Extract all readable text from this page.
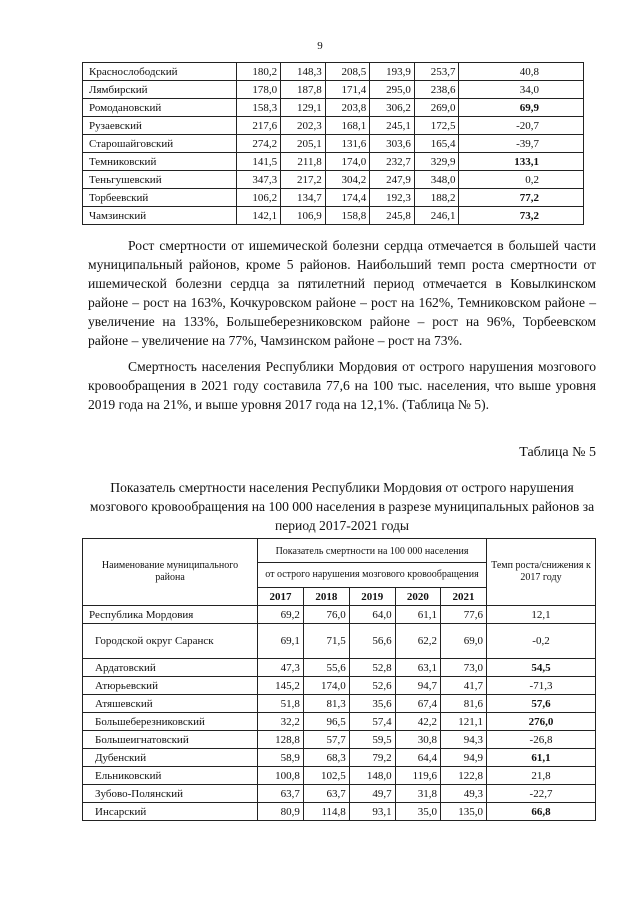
9
Краснослободский	180,2	148,3	208,5	193,9	253,7	40,8
Лямбирский	178,0	187,8	171,4	295,0	238,6	34,0
Ромодановский	158,3	129,1	203,8	306,2	269,0	69,9
Рузаевский	217,6	202,3	168,1	245,1	172,5	-20,7
Старошайговский	274,2	205,1	131,6	303,6	165,4	-39,7
Темниковский	141,5	211,8	174,0	232,7	329,9	133,1
Теньгушевский	347,3	217,2	304,2	247,9	348,0	0,2
Торбеевский	106,2	134,7	174,4	192,3	188,2	77,2
Чамзинский	142,1	106,9	158,8	245,8	246,1	73,2

Рост смертности от ишемической болезни сердца отмечается в большей части муниципальный районов, кроме 5 районов. Наибольший темп роста смертности от ишемической болезни сердца за пятилетний период отмечается в Ковылкинском районе – рост на 163%, Кочкуровском районе – рост на 162%, Темниковском районе – увеличение на 133%, Большеберезниковском районе – рост на 96%, Торбеевском районе – увеличение на 77%, Чамзинском районе – рост на 73%.

Смертность населения Республики Мордовия от острого нарушения мозгового кровообращения в 2021 году составила 77,6 на 100 тыс. населения, что выше уровня 2019 года на 21%, и выше уровня 2017 года на 12,1%. (Таблица № 5).

Таблица № 5

Показатель смертности населения Республики Мордовия от острого нарушения мозгового кровообращения на 100 000 населения в разрезе муниципальных районов за период 2017-2021 годы

Наименование муниципального района	Показатель смертности на 100 000 населения					Темп роста/снижения к 2017 году
	от острого нарушения мозгового кровообращения					
	2017	2018	2019	2020	2021	
Республика Мордовия	69,2	76,0	64,0	61,1	77,6	12,1
Городской округ Саранск	69,1	71,5	56,6	62,2	69,0	-0,2
Ардатовский	47,3	55,6	52,8	63,1	73,0	54,5
Атюрьевский	145,2	174,0	52,6	94,7	41,7	-71,3
Атяшевский	51,8	81,3	35,6	67,4	81,6	57,6
Большеберезниковский	32,2	96,5	57,4	42,2	121,1	276,0
Большеигнатовский	128,8	57,7	59,5	30,8	94,3	-26,8
Дубенский	58,9	68,3	79,2	64,4	94,9	61,1
Ельниковский	100,8	102,5	148,0	119,6	122,8	21,8
Зубово-Полянский	63,7	63,7	49,7	31,8	49,3	-22,7
Инсарский	80,9	114,8	93,1	35,0	135,0	66,8
